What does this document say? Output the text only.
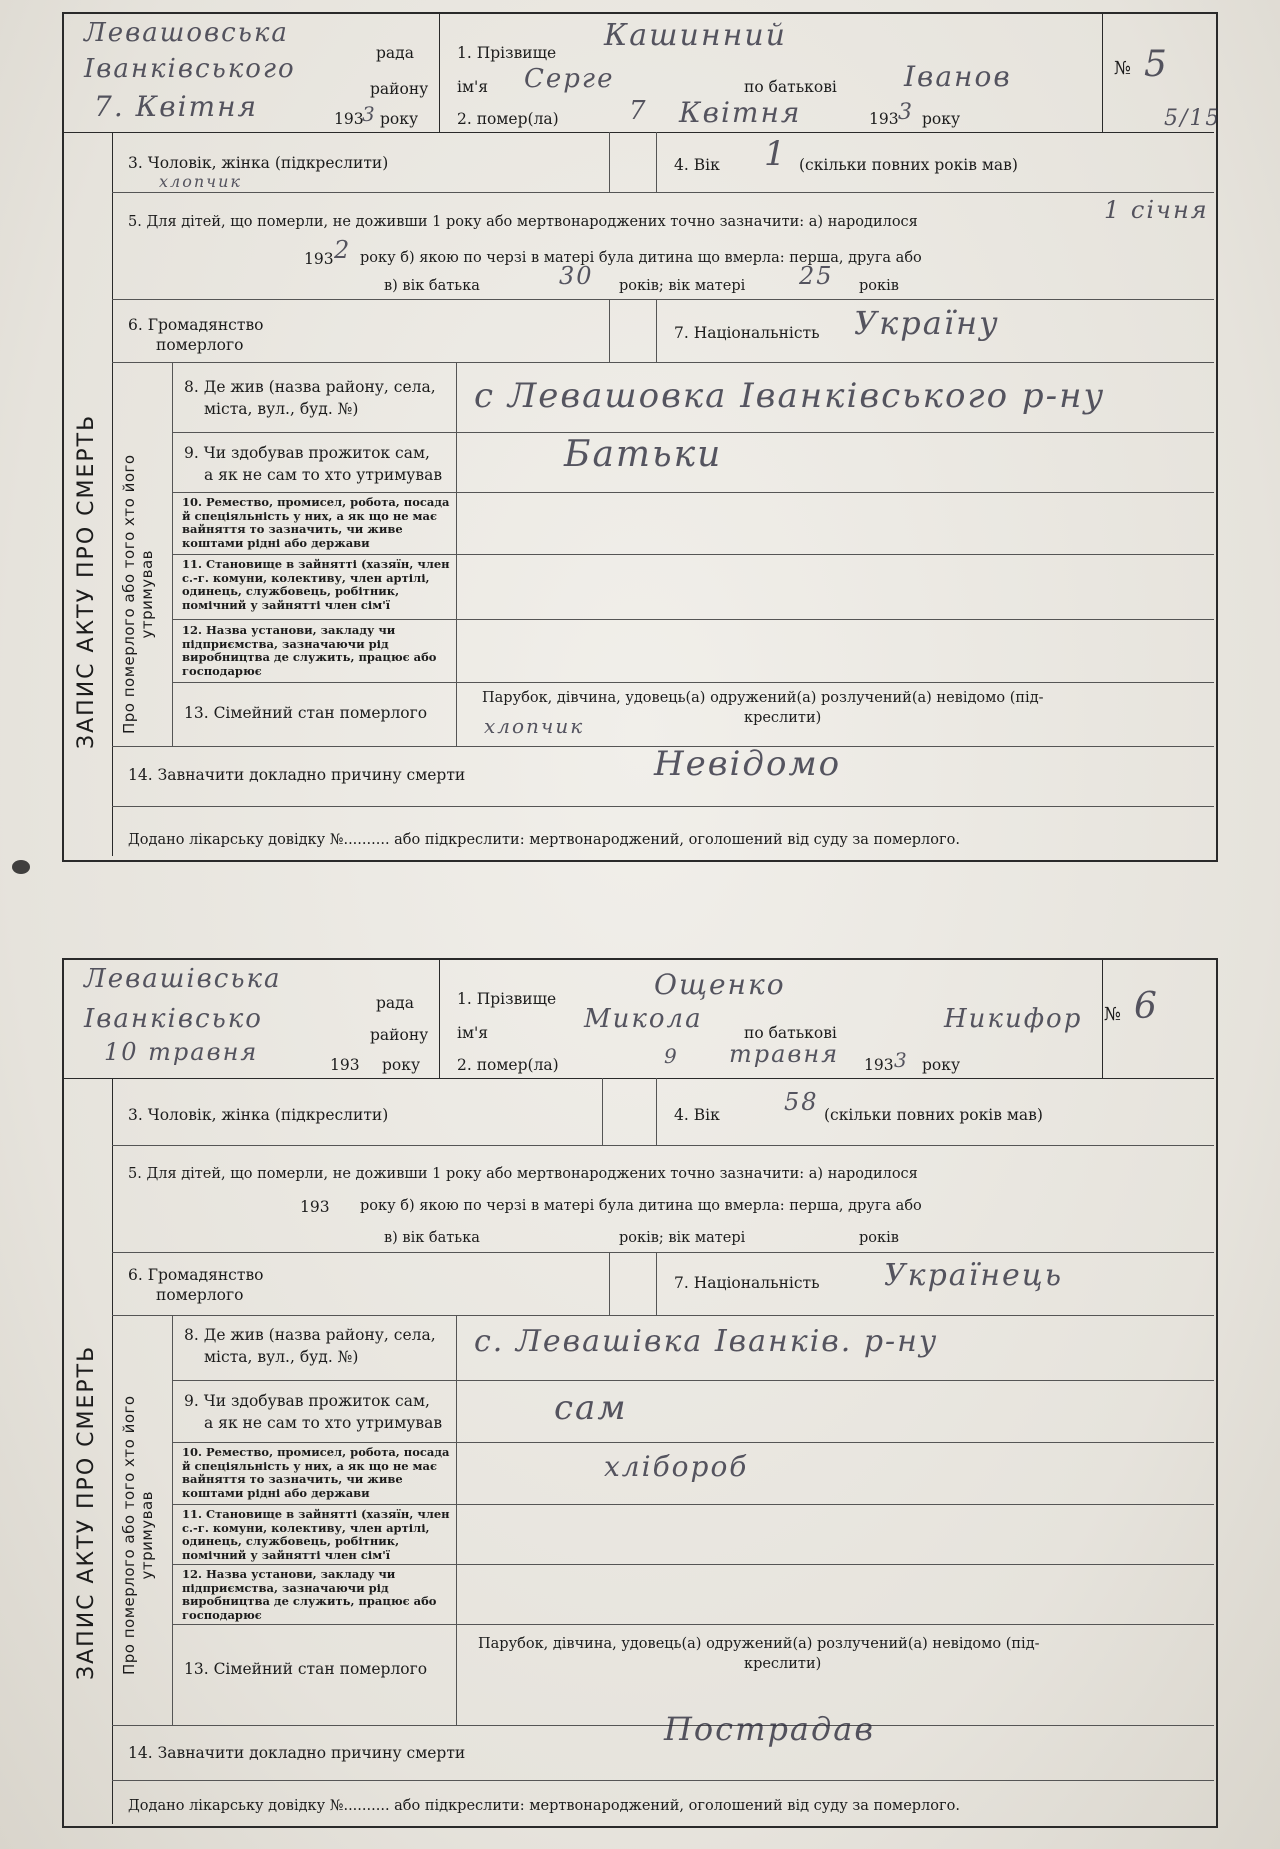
Левашовська
рада
Іванківського
району
7. Квітня	193
3 року
1. Прізвище Кашинний
ім'я Серге	по батькові Іванов
2. помер(ла)	7 Квітня	193 3 року
№ 5
5/15
ЗАПИС АКТУ ПРО СМЕРТЬ
3. Чоловік, жінка (підкреслити)
хлопчик
4. Вік 1 (скільки повних років мав)
5. Для дітей, що померли, не доживши 1 року або мертвонароджених точно зазначити: а) народилося	1 січня
193 2 року б) якою по черзі в матері була дитина що вмерла: перша, друга або
в) вік батька	30 років; вік матері 25 років
6. Громадянство
померлого
7. Національність Україну
Про померлого або того хто його утримував
8. Де жив (назва району, села,
міста, вул., буд. №)	с Левашовка Іванківського р-ну
9. Чи здобував прожиток сам,
а як не сам то хто утримував	Батьки
10. Ремество, промисел, робота, посада й спеціяльність у них, а як що не має вайняття то зазначить, чи живе коштами рідні або держави
11. Становище в зайнятті (хазяїн, член с.-г. комуни, колективу, член артілі, одинець, службовець, робітник, помічний у зайнятті член сім'ї
12. Назва установи, закладу чи підприємства, зазначаючи рід виробництва де служить, працює або господарює
13. Сімейний стан померлого
Парубок, дівчина, удовець(а) одружений(а) розлучений(а) невідомо (під-
креслити)
хлопчик
14. Завначити докладно причину смерти	Невідомо
Додано лікарську довідку №.......... або підкреслити: мертвонароджений, оголошений від суду за померлого.
Левашівська
рада
Іванківсько
району
10 травня	193 року
1. Прізвище	Ощенко
ім'я	Микола	по батькові	Никифор
2. помер(ла)	9 травня 193 3 року
№ 6
ЗАПИС АКТУ ПРО СМЕРТЬ
3. Чоловік, жінка (підкреслити)	4. Вік	58 (скільки повних років мав)
5. Для дітей, що померли, не доживши 1 року або мертвонароджених точно зазначити: а) народилося
193 року б) якою по черзі в матері була дитина що вмерла: перша, друга або
в) вік батька	років; вік матері	років
6. Громадянство
померлого
7. Національність Українець
Про померлого або того хто його утримував
8. Де жив (назва району, села,
міста, вул., буд. №)	с. Левашівка Іванків. р-ну
9. Чи здобував прожиток сам,
а як не сам то хто утримував	сам
10. Ремество, промисел, робота, посада й спеціяльність у них, а як що не має вайняття то зазначить, чи живе коштами рідні або держави
хлібороб
11. Становище в зайнятті (хазяїн, член с.-г. комуни, колективу, член артілі, одинець, службовець, робітник, помічний у зайнятті член сім'ї
12. Назва установи, закладу чи підприємства, зазначаючи рід виробництва де служить, працює або господарює
13. Сімейний стан померлого
Парубок, дівчина, удовець(а) одружений(а) розлучений(а) невідомо (під-
креслити)
14. Завначити докладно причину смерти
Пострадав
Додано лікарську довідку №.......... або підкреслити: мертвонароджений, оголошений від суду за померлого.
